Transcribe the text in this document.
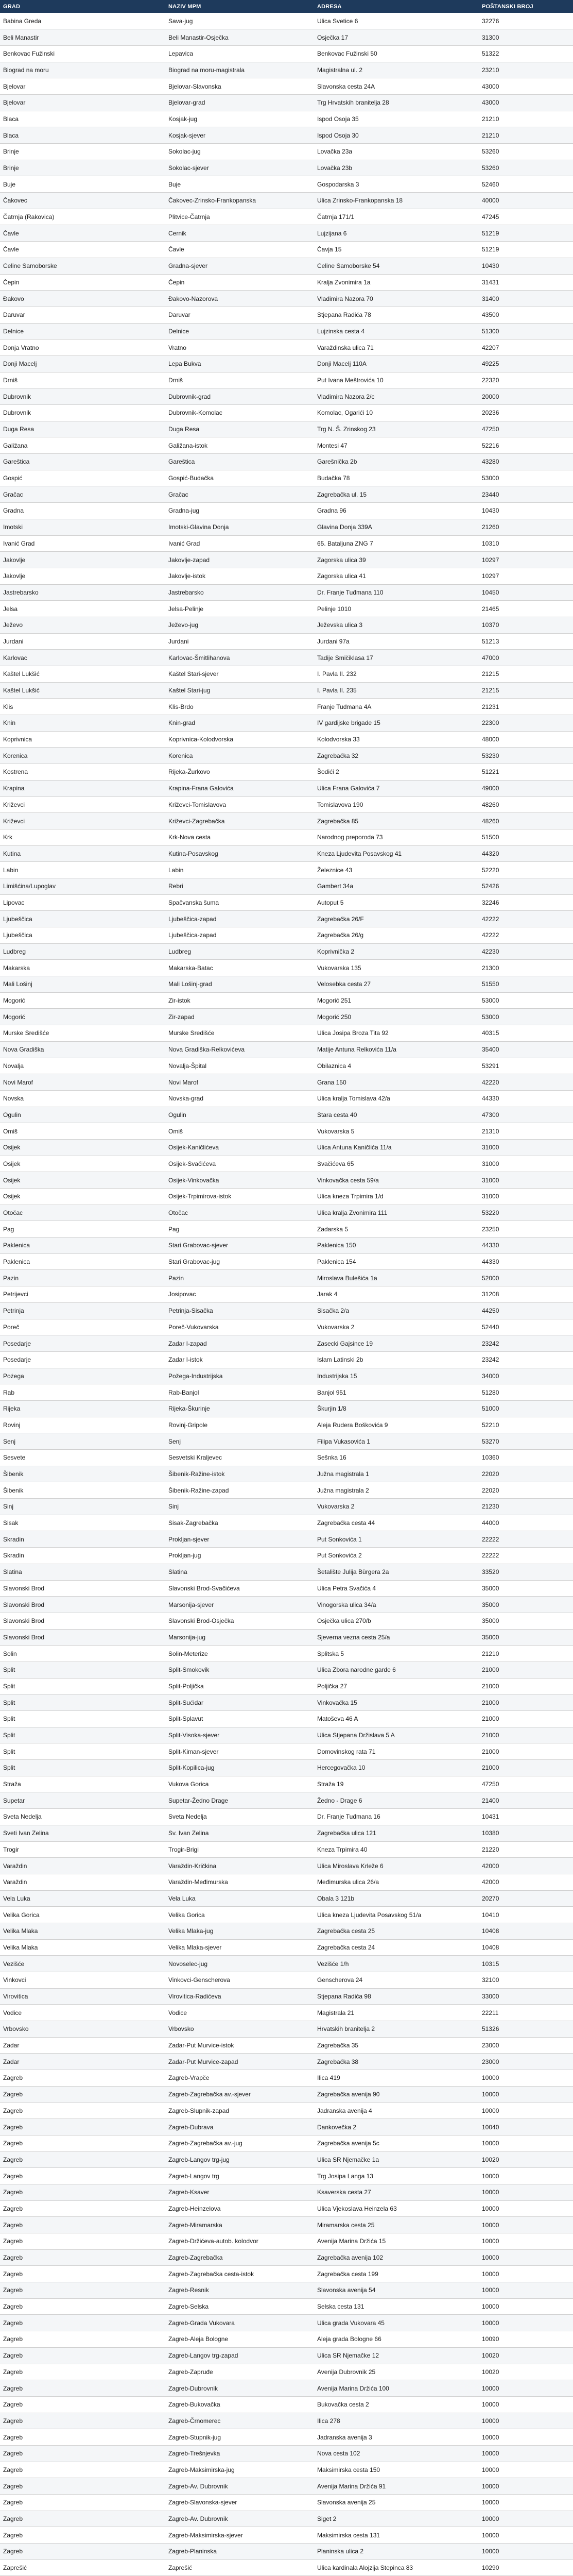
GRAD	NAZIV MPM	ADRESA	POŠTANSKI BROJ
Babina Greda	Sava-jug	Ulica Svetice 6	32276
Beli Manastir	Beli Manastir-Osječka	Osječka 17	31300
Benkovac Fužinski	Lepavica	Benkovac Fužinski 50	51322
Biograd na moru	Biograd na moru-magistrala	Magistralna ul. 2	23210
Bjelovar	Bjelovar-Slavonska	Slavonska cesta 24A	43000
Bjelovar	Bjelovar-grad	Trg Hrvatskih branitelja 28	43000
Blaca	Kosjak-jug	Ispod Osoja 35	21210
Blaca	Kosjak-sjever	Ispod Osoja 30	21210
Brinje	Sokolac-jug	Lovačka 23a	53260
Brinje	Sokolac-sjever	Lovačka 23b	53260
Buje	Buje	Gospodarska 3	52460
Čakovec	Čakovec-Zrinsko-Frankopanska	Ulica Zrinsko-Frankopanska 18	40000
Čatrnja (Rakovica)	Plitvice-Čatrnja	Čatrnja 171/1	47245
Čavle	Cernik	Lujzijana 6	51219
Čavle	Čavle	Čavja 15	51219
Celine Samoborske	Gradna-sjever	Celine Samoborske 54	10430
Čepin	Čepin	Kralja Zvonimira 1a	31431
Đakovo	Đakovo-Nazorova	Vladimira Nazora 70	31400
Daruvar	Daruvar	Stjepana Radića 78	43500
Delnice	Delnice	Lujzinska cesta 4	51300
Donja Vratno	Vratno	Varaždinska ulica 71	42207
Donji Macelj	Lepa Bukva	Donji Macelj 110A	49225
Drniš	Drniš	Put Ivana Meštrovića 10	22320
Dubrovnik	Dubrovnik-grad	Vladimira Nazora 2/c	20000
Dubrovnik	Dubrovnik-Komolac	Komolac, Ogarići 10	20236
Duga Resa	Duga Resa	Trg N. Š. Zrinskog 23	47250
Galižana	Galižana-istok	Montesi 47	52216
Gareštica	Gareštica	Garešnička 2b	43280
Gospić	Gospić-Budačka	Budačka 78	53000
Gračac	Gračac	Zagrebačka ul. 15	23440
Gradna	Gradna-jug	Gradna 96	10430
Imotski	Imotski-Glavina Donja	Glavina Donja 339A	21260
Ivanić Grad	Ivanić Grad	65. Bataljuna ZNG 7	10310
Jakovlje	Jakovlje-zapad	Zagorska ulica 39	10297
Jakovlje	Jakovlje-istok	Zagorska ulica 41	10297
Jastrebarsko	Jastrebarsko	Dr. Franje Tuđmana 110	10450
Jelsa	Jelsa-Pelinje	Pelinje 1010	21465
Ježevo	Ježevo-jug	Ježevska ulica 3	10370
Jurdani	Jurdani	Jurdani 97a	51213
Karlovac	Karlovac-Šmitlihanova	Tadije Smičiklasa 17	47000
Kaštel Lukšić	Kaštel Stari-sjever	I. Pavla II. 232	21215
Kaštel Lukšić	Kaštel Stari-jug	I. Pavla II. 235	21215
Klis	Klis-Brdo	Franje Tuđmana 4A	21231
Knin	Knin-grad	IV gardijske brigade 15	22300
Koprivnica	Koprivnica-Kolodvorska	Kolodvorska 33	48000
Korenica	Korenica	Zagrebačka 32	53230
Kostrena	Rijeka-Žurkovo	Šodići 2	51221
Krapina	Krapina-Frana Galovića	Ulica Frana Galovića 7	49000
Križevci	Križevci-Tomislavova	Tomislavova 190	48260
Križevci	Križevci-Zagrebačka	Zagrebačka 85	48260
Krk	Krk-Nova cesta	Narodnog preporoda 73	51500
Kutina	Kutina-Posavskog	Kneza Ljudevita Posavskog 41	44320
Labin	Labin	Železnice 43	52220
Limišćina/Lupoglav	Rebri	Gambert 34a	52426
Lipovac	Spačvanska šuma	Autoput 5	32246
Ljubeščica	Ljubeščica-zapad	Zagrebačka 26/F	42222
Ljubeščica	Ljubeščica-zapad	Zagrebačka 26/g	42222
Ludbreg	Ludbreg	Koprivnička 2	42230
Makarska	Makarska-Batac	Vukovarska 135	21300
Mali Lošinj	Mali Lošinj-grad	Velosebka cesta 27	51550
Mogorić	Zir-istok	Mogorić 251	53000
Mogorić	Zir-zapad	Mogorić 250	53000
Murske Središće	Murske Središće	Ulica Josipa Broza Tita 92	40315
Nova Gradiška	Nova Gradiška-Relkovićeva	Matije Antuna Relkovića 11/a	35400
Novalja	Novalja-Špital	Obilaznica 4	53291
Novi Marof	Novi Marof	Grana 150	42220
Novska	Novska-grad	Ulica kralja Tomislava 42/a	44330
Ogulin	Ogulin	Stara cesta 40	47300
Omiš	Omiš	Vukovarska 5	21310
Osijek	Osijek-Kaničlićeva	Ulica Antuna Kaničlića 11/a	31000
Osijek	Osijek-Svačićeva	Svačićeva 65	31000
Osijek	Osijek-Vinkovačka	Vinkovačka cesta 59/a	31000
Osijek	Osijek-Trpimirova-istok	Ulica kneza Trpimira 1/d	31000
Otočac	Otočac	Ulica kralja Zvonimira 111	53220
Pag	Pag	Zadarska 5	23250
Paklenica	Stari Grabovac-sjever	Paklenica 150	44330
Paklenica	Stari Grabovac-jug	Paklenica 154	44330
Pazin	Pazin	Miroslava Bulešića 1a	52000
Petrijevci	Josipovac	Jarak 4	31208
Petrinja	Petrinja-Sisačka	Sisačka 2/a	44250
Poreč	Poreč-Vukovarska	Vukovarska 2	52440
Posedarje	Zadar I-zapad	Zasecki Gajsince 19	23242
Posedarje	Zadar I-istok	Islam Latinski 2b	23242
Pożega	Požega-Industrijska	Industrijska 15	34000
Rab	Rab-Banjol	Banjol 951	51280
Rijeka	Rijeka-Škurinje	Škurjin 1/8	51000
Rovinj	Rovinj-Gripole	Aleja Rudera Boškovića 9	52210
Senj	Senj	Filipa Vukasovića 1	53270
Sesvete	Sesvetski Kraljevec	Sešnka 16	10360
Šibenik	Šibenik-Ražine-istok	Južna magistrala 1	22020
Šibenik	Šibenik-Ražine-zapad	Južna magistrala 2	22020
Sinj	Sinj	Vukovarska 2	21230
Sisak	Sisak-Zagrebačka	Zagrebačka cesta 44	44000
Skradin	Proklјan-sjever	Put Sonkovića 1	22222
Skradin	Proklјan-jug	Put Sonkovića 2	22222
Slatina	Slatina	Šetalište Julija Bürgera 2a	33520
Slavonski Brod	Slavonski Brod-Svačićeva	Ulica Petra Svačića 4	35000
Slavonski Brod	Marsonija-sjever	Vinogorska ulica 34/a	35000
Slavonski Brod	Slavonski Brod-Osječka	Osječka ulica 270/b	35000
Slavonski Brod	Marsonija-jug	Sjeverna vezna cesta 25/a	35000
Solin	Solin-Meterize	Splitska 5	21210
Split	Split-Smokovik	Ulica Zbora narodne garde 6	21000
Split	Split-Poljička	Poljička 27	21000
Split	Split-Sućidar	Vinkovačka 15	21000
Split	Split-Splavut	Matoševa 46 A	21000
Split	Split-Visoka-sjever	Ulica Stjepana Držislava 5 A	21000
Split	Split-Kiman-sjever	Domovinskog rata 71	21000
Split	Split-Kopilica-jug	Hercegovačka 10	21000
Straža	Vukova Gorica	Straža 19	47250
Supetar	Supetar-Žedno Drage	Žedno - Drage 6	21400
Sveta Nedelja	Sveta Nedelja	Dr. Franje Tuđmana 16	10431
Sveti Ivan Zelina	Sv. Ivan Zelina	Zagrebačka ulica 121	10380
Trogir	Trogir-Brigi	Kneza Trpimira 40	21220
Varaždin	Varaždin-Kričkina	Ulica Miroslava Krleže 6	42000
Varaždin	Varaždin-Međimurska	Međimurska ulica 26/a	42000
Vela Luka	Vela Luka	Obala 3 121b	20270
Velika Gorica	Velika Gorica	Ulica kneza Ljudevita Posavskog 51/a	10410
Velika Mlaka	Velika Mlaka-jug	Zagrebačka cesta 25	10408
Velika Mlaka	Velika Mlaka-sjever	Zagrebačka cesta 24	10408
Vezišće	Novoselec-jug	Vezišće 1/h	10315
Vinkovci	Vinkovci-Genscherova	Genscherova 24	32100
Virovitica	Virovitica-Radićeva	Stjepana Radića 98	33000
Vodice	Vodice	Magistrala 21	22211
Vrbovsko	Vrbovsko	Hrvatskih branitelja 2	51326
Zadar	Zadar-Put Murvice-istok	Zagrebačka 35	23000
Zadar	Zadar-Put Murvice-zapad	Zagrebačka 38	23000
Zagreb	Zagreb-Vrapče	Ilica 419	10000
Zagreb	Zagreb-Zagrebačka av.-sjever	Zagrebačka avenija 90	10000
Zagreb	Zagreb-Slupnik-zapad	Jadranska avenija 4	10000
Zagreb	Zagreb-Dubrava	Dankovečka 2	10040
Zagreb	Zagreb-Zagrebačka av.-jug	Zagrebačka avenija 5c	10000
Zagreb	Zagreb-Langov trg-jug	Ulica SR Njemačke 1a	10020
Zagreb	Zagreb-Langov trg	Trg Josipa Langa 13	10000
Zagreb	Zagreb-Ksaver	Ksaverska cesta 27	10000
Zagreb	Zagreb-Heinzelova	Ulica Vjekoslava Heinzela 63	10000
Zagreb	Zagreb-Miramarska	Miramarska cesta 25	10000
Zagreb	Zagreb-Držićeva-autob. kolodvor	Avenija Marina Držića 15	10000
Zagreb	Zagreb-Zagrebačka	Zagrebačka avenija 102	10000
Zagreb	Zagreb-Zagrebačka cesta-istok	Zagrebačka cesta 199	10000
Zagreb	Zagreb-Resnik	Slavonska avenija 54	10000
Zagreb	Zagreb-Selska	Selska cesta 131	10000
Zagreb	Zagreb-Grada Vukovara	Ulica grada Vukovara 45	10000
Zagreb	Zagreb-Aleja Bologne	Aleja grada Bologne 66	10090
Zagreb	Zagreb-Langov trg-zapad	Ulica SR Njemačke 12	10020
Zagreb	Zagreb-Zapruđe	Avenija Dubrovnik 25	10020
Zagreb	Zagreb-Dubrovnik	Avenija Marina Držića 100	10000
Zagreb	Zagreb-Bukovačka	Bukovačka cesta 2	10000
Zagreb	Zagreb-Črnomerec	Ilica 278	10000
Zagreb	Zagreb-Stupnik-jug	Jadranska avenija 3	10000
Zagreb	Zagreb-Trešnjevka	Nova cesta 102	10000
Zagreb	Zagreb-Maksimirska-jug	Maksimirska cesta 150	10000
Zagreb	Zagreb-Av. Dubrovnik	Avenija Marina Držića 91	10000
Zagreb	Zagreb-Slavonska-sjever	Slavonska avenija 25	10000
Zagreb	Zagreb-Av. Dubrovnik	Siget 2	10000
Zagreb	Zagreb-Maksimirska-sjever	Maksimirska cesta 131	10000
Zagreb	Zagreb-Planinska	Planinska ulica 2	10000
Zaprešić	Zaprešić	Ulica kardinala Alojzija Stepinca 83	10290
